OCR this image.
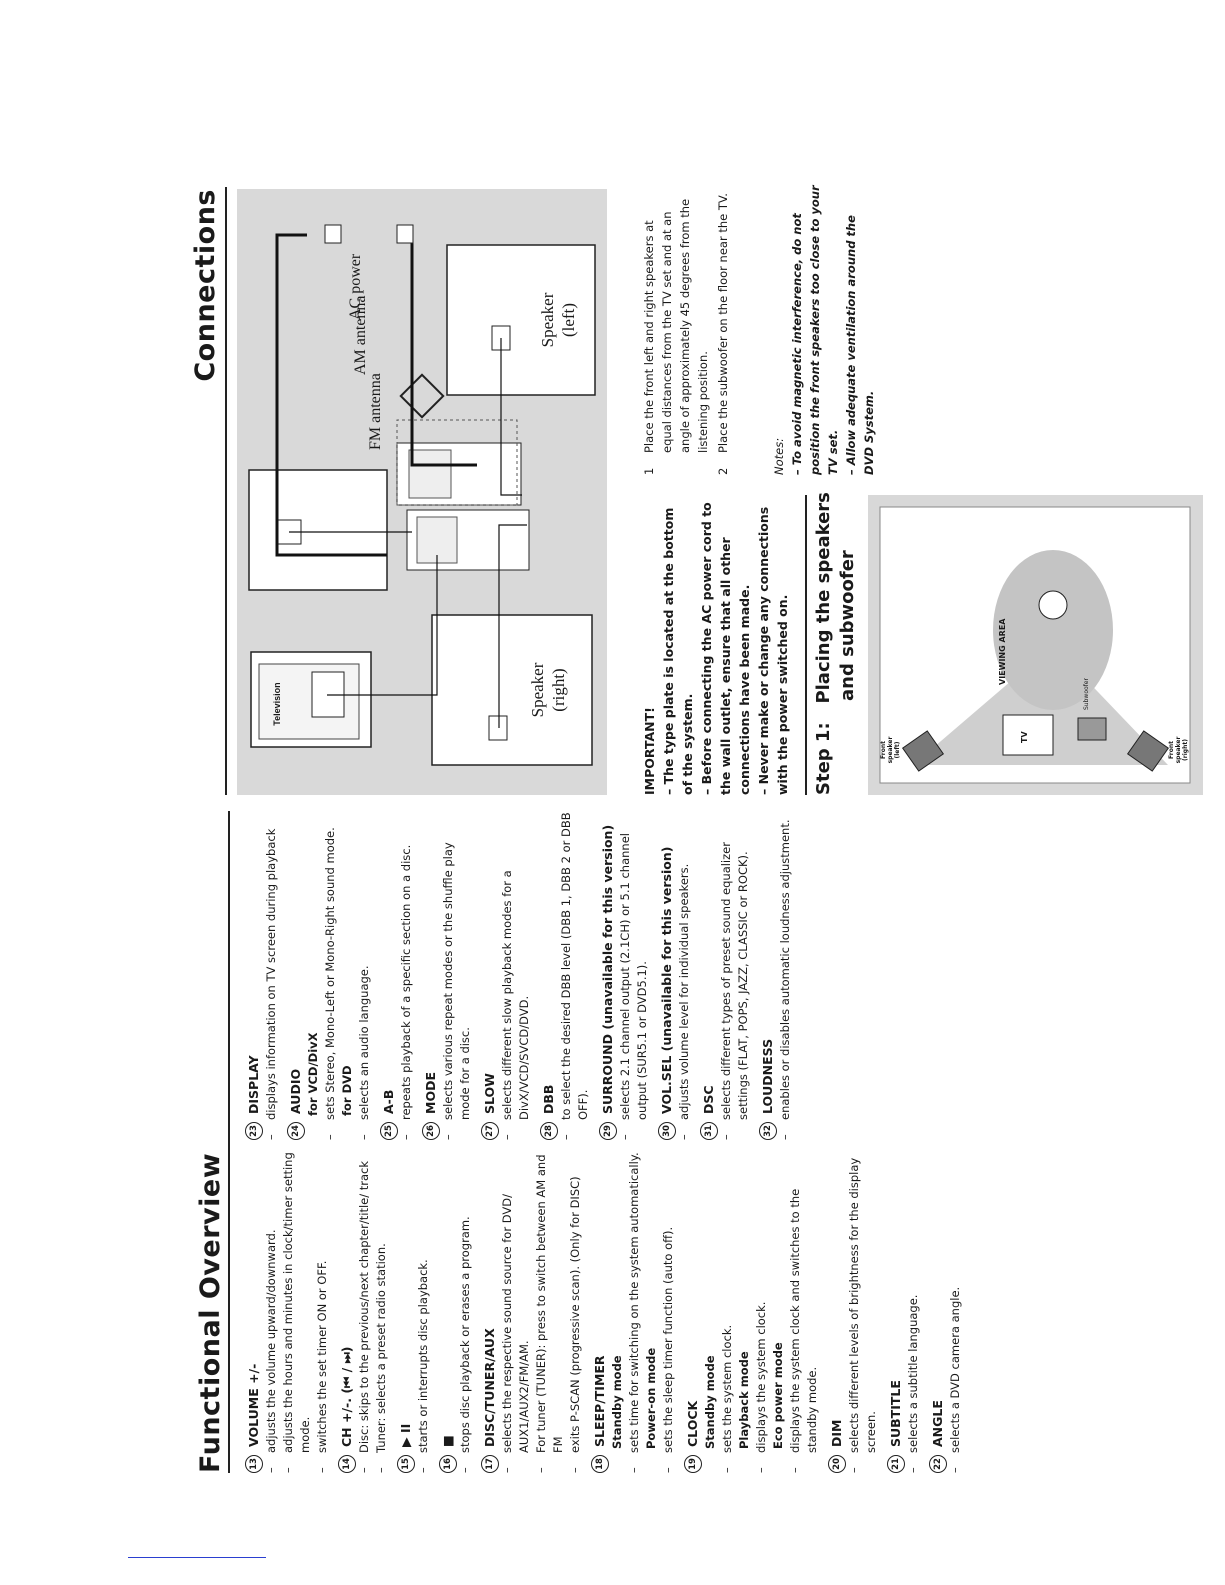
Functional Overview	13
VOLUME +/-
–
adjusts the volume upward/downward.
–
adjusts the hours and minutes in clock/timer setting mode.
–
switches the set timer ON or OFF.
14
CH +/-. (⏮ / ⏭)
–
Disc: skips to the previous/next chapter/title/ track
–
Tuner: selects a preset radio station.
15
▶ II
–
starts or interrupts disc playback.
16
■
–
stops disc playback or erases a program.
17
DISC/TUNER/AUX
–
selects the respective sound source for DVD/ AUX1/AUX2/FM/AM.
–
For tuner (TUNER): press to switch between AM and FM
–
exits P-SCAN (progressive scan). (Only for DISC)
18
SLEEP/TIMER Standby mode
–
sets time for switching on the system automatically. Power-on mode
–
sets the sleep timer function (auto off).
19
CLOCK Standby mode
–
sets the system clock. Playback mode
–
displays the system clock. Eco power mode
–
displays the system clock and switches to the standby mode.
20
DIM
–
selects different levels of brightness for the display screen.
21
SUBTITLE
–
selects a subtitle language.
22
ANGLE
–
selects a DVD camera angle.
23
DISPLAY
–
displays information on TV screen during playback
24
AUDIO for VCD/DivX
–
sets Stereo, Mono-Left or Mono-Right sound mode. for DVD
–
selects an audio language.
25
A-B
–
repeats playback of a specific section on a disc.
26
MODE
–
selects various repeat modes or the shuffle play mode for a disc.
27
SLOW
–
selects different slow playback modes for a DivX/VCD/SVCD/DVD.
28
DBB
–
to select the desired DBB level (DBB 1, DBB 2 or DBB OFF).
29
SURROUND (unavailable for this version)
–
selects 2.1 channel output (2.1CH) or 5.1 channel output (SUR5.1 or DVD5.1).
30
VOL.SEL (unavailable for this version)
–
adjusts volume level for individual speakers.
31
DSC
–
selects different types of preset sound equalizer settings (FLAT, POPS, JAZZ, CLASSIC or ROCK).
32
LOUDNESS
–
enables or disables automatic loudness adjustment.
Connections
Television	Speaker
(right)
Speaker
(left)
FM antenna
AM antenna
AC power
IMPORTANT! – The type plate is located at the bottom of the system. – Before connecting the AC power cord to the wall outlet, ensure that all other connections have been made. – Never make or change any connections with the power switched on. Step 1:   Placing the speakers
and subwoofer
Front speaker (left)	Front speaker (right)
TV
Subwoofer
VIEWING AREA
1
Place the front left and right speakers at equal distances from the TV set and at an angle of approximately 45 degrees from the listening position.
2
Place the subwoofer on the floor near the TV.
Notes: – To avoid magnetic interference, do not position the front speakers too close to your TV set. – Allow adequate ventilation around the DVD System.
